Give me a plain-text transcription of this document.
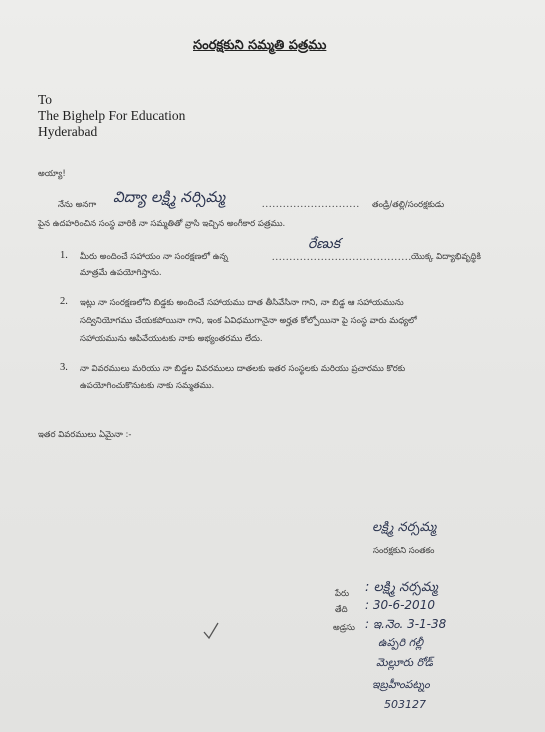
సంరక్షకుని సమ్మతి పత్రము
To
The Bighelp For Education
Hyderabad
అయ్యా!
నేను అనగా విద్యా లక్ష్మి నర్సిమ్మ	............................ తండ్రి/తల్లి/సంరక్షకుడు
పైన ఉదహరించిన సంస్థ వారికి నా సమ్మతితో వ్రాసి ఇచ్చిన అంగీకార పత్రము.
1. మీరు అందించే సహాయం నా సంరక్షణలో ఉన్న	........................................
రేణుక
యొక్క విద్యాభివృద్ధికి
మాత్రమే ఉపయోగిస్తాను.
2. ఇట్లు నా సంరక్షణలోని బిడ్డకు అందించే సహాయము దాత తీసివేసినా గాని, నా బిడ్డ ఆ సహాయమును
సద్వినియోగము చేయకపోయినా గాని, ఇంక ఏవిధముగానైనా అర్హత కోల్పోయినా పై సంస్థ వారు మధ్యలో
సహాయమును ఆపివేయుటకు నాకు అభ్యంతరము లేదు.
3. నా వివరములు మరియు నా బిడ్డల వివరములు దాతలకు ఇతర సంస్థలకు మరియు ప్రచారము కొరకు
ఉపయోగించుకొనుటకు నాకు సమ్మతము.
ఇతర వివరములు ఏమైనా :-
లక్ష్మి నర్సమ్మ
సంరక్షకుని సంతకం
పేరు : లక్ష్మి నర్సమ్మ
తేది : 30-6-2010
అడ్రసు : ఇ.నెం. 3-1-38
ఉప్పరి గల్లీ
మెల్లూరు రోడ్
ఇబ్రహీంపట్నం
503127
